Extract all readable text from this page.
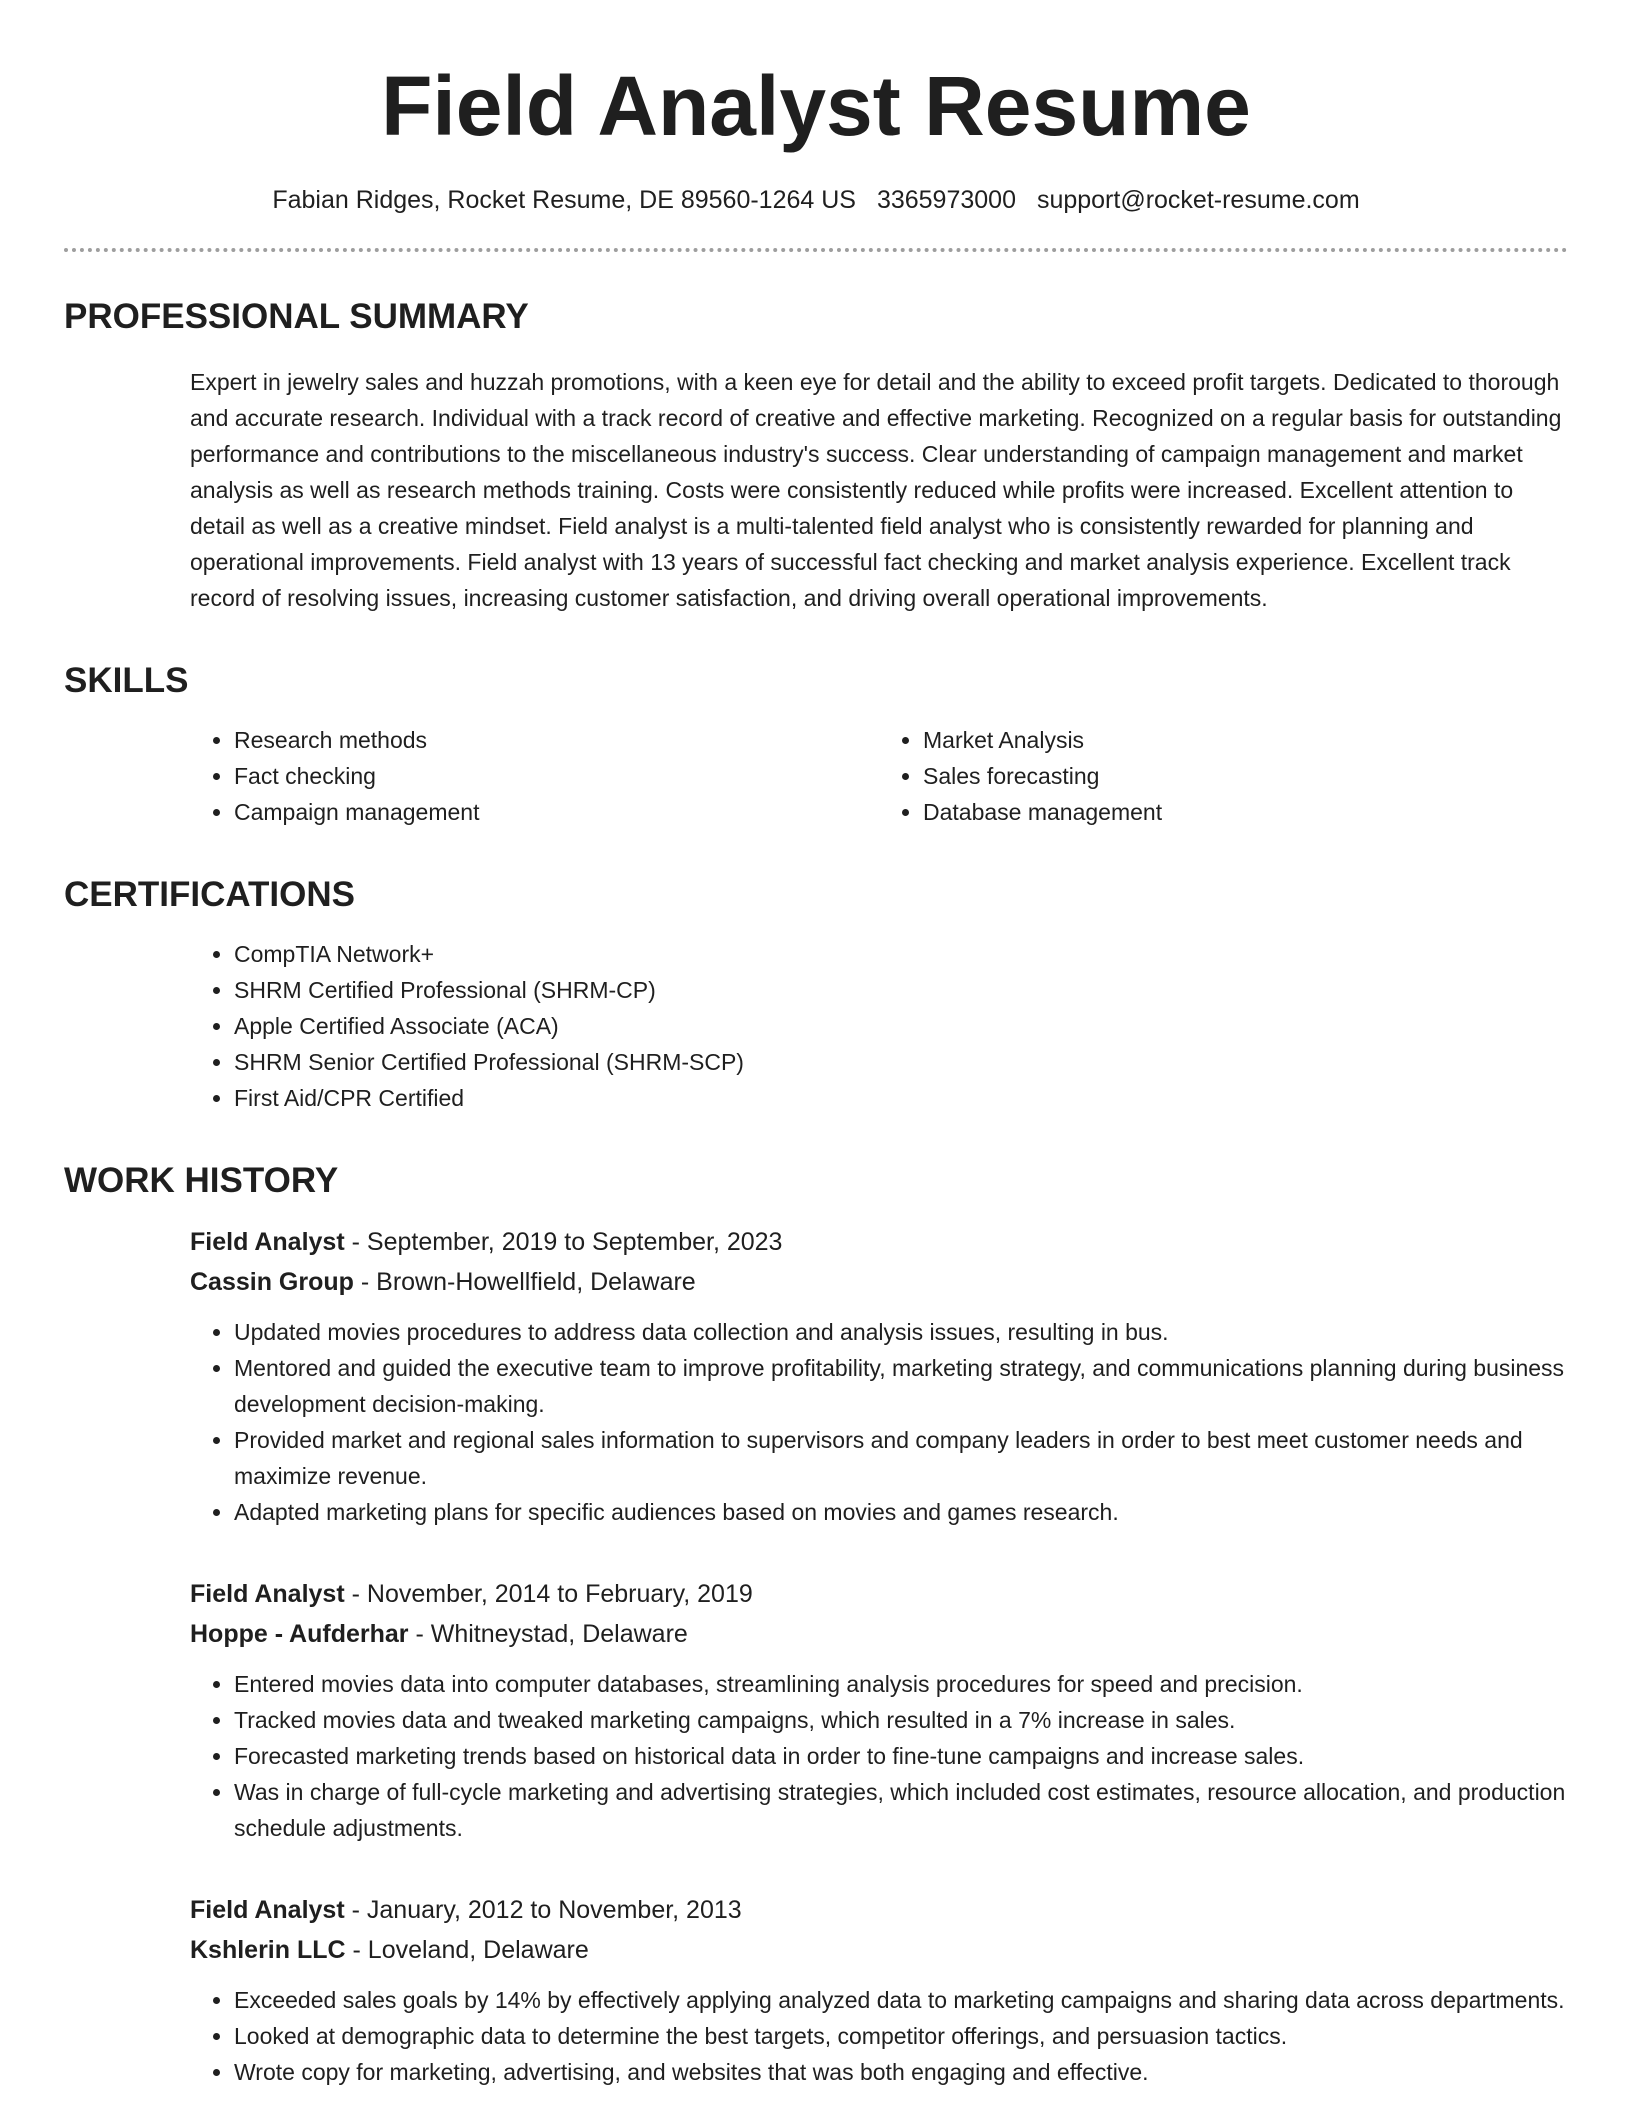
Field Analyst Resume
Fabian Ridges, Rocket Resume, DE 89560-1264 US 3365973000 support@rocket-resume.com
PROFESSIONAL SUMMARY

Expert in jewelry sales and huzzah promotions, with a keen eye for detail and the ability to exceed profit targets. Dedicated to thorough and accurate research. Individual with a track record of creative and effective marketing. Recognized on a regular basis for outstanding performance and contributions to the miscellaneous industry's success. Clear understanding of campaign management and market analysis as well as research methods training. Costs were consistently reduced while profits were increased. Excellent attention to detail as well as a creative mindset. Field analyst is a multi-talented field analyst who is consistently rewarded for planning and operational improvements. Field analyst with 13 years of successful fact checking and market analysis experience. Excellent track record of resolving issues, increasing customer satisfaction, and driving overall operational improvements.

SKILLS
• Research methods
• Fact checking
• Campaign management
• Market Analysis
• Sales forecasting
• Database management
CERTIFICATIONS
• CompTIA Network+
• SHRM Certified Professional (SHRM-CP)
• Apple Certified Associate (ACA)
• SHRM Senior Certified Professional (SHRM-SCP)
• First Aid/CPR Certified
WORK HISTORY
Field Analyst - September, 2019 to September, 2023
Cassin Group - Brown-Howellfield, Delaware
• Updated movies procedures to address data collection and analysis issues, resulting in bus.
• Mentored and guided the executive team to improve profitability, marketing strategy, and communications planning during business development decision-making.
• Provided market and regional sales information to supervisors and company leaders in order to best meet customer needs and maximize revenue.
• Adapted marketing plans for specific audiences based on movies and games research.
Field Analyst - November, 2014 to February, 2019
Hoppe - Aufderhar - Whitneystad, Delaware
• Entered movies data into computer databases, streamlining analysis procedures for speed and precision.
• Tracked movies data and tweaked marketing campaigns, which resulted in a 7% increase in sales.
• Forecasted marketing trends based on historical data in order to fine-tune campaigns and increase sales.
• Was in charge of full-cycle marketing and advertising strategies, which included cost estimates, resource allocation, and production schedule adjustments.
Field Analyst - January, 2012 to November, 2013
Kshlerin LLC - Loveland, Delaware
• Exceeded sales goals by 14% by effectively applying analyzed data to marketing campaigns and sharing data across departments.
• Looked at demographic data to determine the best targets, competitor offerings, and persuasion tactics.
• Wrote copy for marketing, advertising, and websites that was both engaging and effective.
